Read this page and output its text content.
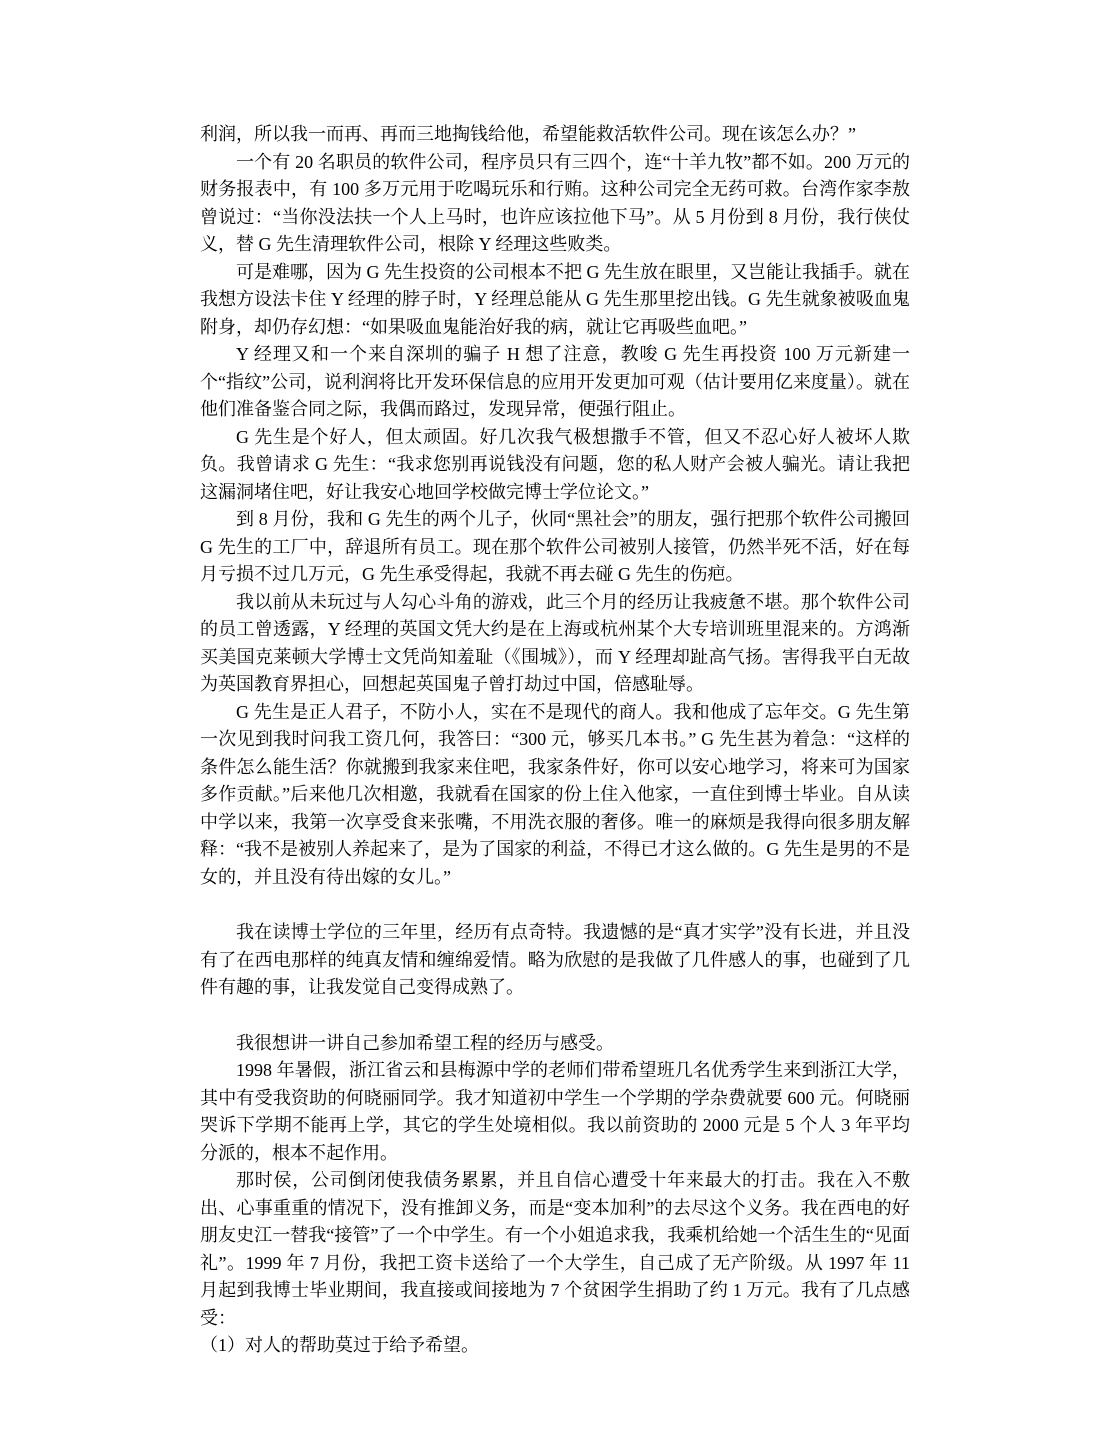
利润，所以我一而再、再而三地掏钱给他，希望能救活软件公司。现在该怎么办？”

一个有 20 名职员的软件公司，程序员只有三四个，连“十羊九牧”都不如。200 万元的财务报表中，有 100 多万元用于吃喝玩乐和行贿。这种公司完全无药可救。台湾作家李敖曾说过：“当你没法扶一个人上马时，也许应该拉他下马”。从 5 月份到 8 月份，我行侠仗义，替 G 先生清理软件公司，根除 Y 经理这些败类。

可是难哪，因为 G 先生投资的公司根本不把 G 先生放在眼里，又岂能让我插手。就在我想方设法卡住 Y 经理的脖子时，Y 经理总能从 G 先生那里挖出钱。G 先生就象被吸血鬼附身，却仍存幻想：“如果吸血鬼能治好我的病，就让它再吸些血吧。”

Y 经理又和一个来自深圳的骗子 H 想了注意，教唆 G 先生再投资 100 万元新建一个“指纹”公司，说利润将比开发环保信息的应用开发更加可观（估计要用亿来度量）。就在他们准备鉴合同之际，我偶而路过，发现异常，便强行阻止。

G 先生是个好人，但太顽固。好几次我气极想撒手不管，但又不忍心好人被坏人欺负。我曾请求 G 先生：“我求您别再说钱没有问题，您的私人财产会被人骗光。请让我把这漏洞堵住吧，好让我安心地回学校做完博士学位论文。”

到 8 月份，我和 G 先生的两个儿子，伙同“黑社会”的朋友，强行把那个软件公司搬回 G 先生的工厂中，辞退所有员工。现在那个软件公司被别人接管，仍然半死不活，好在每月亏损不过几万元，G 先生承受得起，我就不再去碰 G 先生的伤疤。

我以前从未玩过与人勾心斗角的游戏，此三个月的经历让我疲惫不堪。那个软件公司的员工曾透露，Y 经理的英国文凭大约是在上海或杭州某个大专培训班里混来的。方鸿渐买美国克莱顿大学博士文凭尚知羞耻（《围城》），而 Y 经理却趾高气扬。害得我平白无故为英国教育界担心，回想起英国鬼子曾打劫过中国，倍感耻辱。

G 先生是正人君子，不防小人，实在不是现代的商人。我和他成了忘年交。G 先生第一次见到我时问我工资几何，我答曰：“300 元，够买几本书。” G 先生甚为着急：“这样的条件怎么能生活？你就搬到我家来住吧，我家条件好，你可以安心地学习，将来可为国家多作贡献。”后来他几次相邀，我就看在国家的份上住入他家，一直住到博士毕业。自从读中学以来，我第一次享受食来张嘴，不用洗衣服的奢侈。唯一的麻烦是我得向很多朋友解释：“我不是被别人养起来了，是为了国家的利益，不得已才这么做的。G 先生是男的不是女的，并且没有待出嫁的女儿。”

我在读博士学位的三年里，经历有点奇特。我遗憾的是“真才实学”没有长进，并且没有了在西电那样的纯真友情和缠绵爱情。略为欣慰的是我做了几件感人的事，也碰到了几件有趣的事，让我发觉自己变得成熟了。

我很想讲一讲自己参加希望工程的经历与感受。

1998 年暑假，浙江省云和县梅源中学的老师们带希望班几名优秀学生来到浙江大学，其中有受我资助的何晓丽同学。我才知道初中学生一个学期的学杂费就要 600 元。何晓丽哭诉下学期不能再上学，其它的学生处境相似。我以前资助的 2000 元是 5 个人 3 年平均分派的，根本不起作用。

那时侯，公司倒闭使我债务累累，并且自信心遭受十年来最大的打击。我在入不敷出、心事重重的情况下，没有推卸义务，而是“变本加利”的去尽这个义务。我在西电的好朋友史江一替我“接管”了一个中学生。有一个小姐追求我，我乘机给她一个活生生的“见面礼”。1999 年 7 月份，我把工资卡送给了一个大学生，自己成了无产阶级。从 1997 年 11 月起到我博士毕业期间，我直接或间接地为 7 个贫困学生捐助了约 1 万元。我有了几点感受：

（1）对人的帮助莫过于给予希望。
